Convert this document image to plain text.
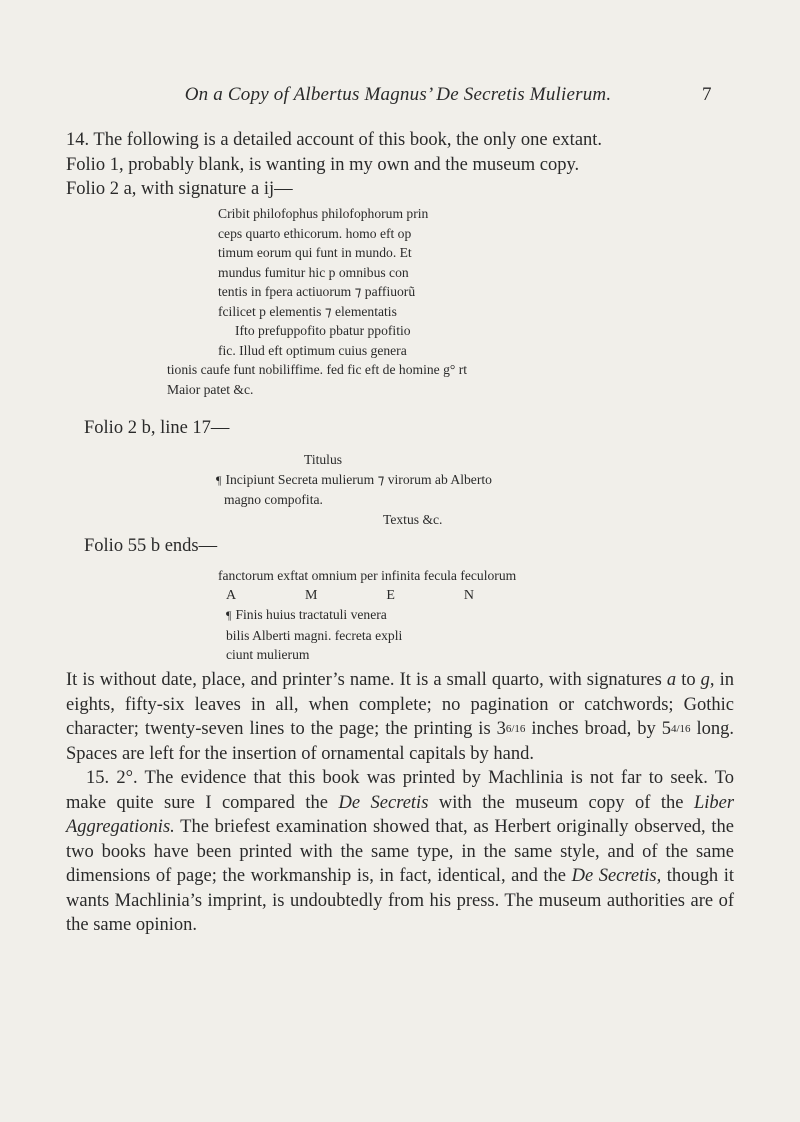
On a Copy of Albertus Magnus’ De Secretis Mulierum.	7
14. The following is a detailed account of this book, the only one extant.
Folio 1, probably blank, is wanting in my own and the museum copy.
Folio 2 a, with signature a ij—
Cribit philofophus philofophorum prin
ceps quarto ethicorum. homo eft op
timum eorum qui funt in mundo. Et
mundus fumitur hic p omnibus con
tentis in fpera actiuorum ⁊ paffiuorũ
fcilicet p elementis ⁊ elementatis
Ifto prefuppofito pbatur ppofitio
fic. Illud eft optimum cuius genera
tionis caufe funt nobiliffime. fed fic eft de homine g° rt
Maior patet &c.
Folio 2 b, line 17—
Titulus
¶ Incipiunt Secreta mulierum ⁊ virorum ab Alberto
magno compofita.
Textus &c.
Folio 55 b ends—
fanctorum exftat omnium per infinita fecula feculorum
A	M	E	N
¶ Finis huius tractatuli venera
bilis Alberti magni. fecreta expli
ciunt mulierum

It is without date, place, and printer’s name. It is a small quarto, with signatures a to g, in eights, fifty-six leaves in all, when complete; no pagination or catchwords; Gothic character; twenty-seven lines to the page; the printing is 36/16 inches broad, by 54/16 long. Spaces are left for the insertion of ornamental capitals by hand.

15. 2°. The evidence that this book was printed by Machlinia is not far to seek. To make quite sure I compared the De Secretis with the museum copy of the Liber Aggregationis. The briefest examination showed that, as Herbert originally observed, the two books have been printed with the same type, in the same style, and of the same dimensions of page; the workmanship is, in fact, identical, and the De Secretis, though it wants Machlinia’s imprint, is undoubtedly from his press. The museum authorities are of the same opinion.
